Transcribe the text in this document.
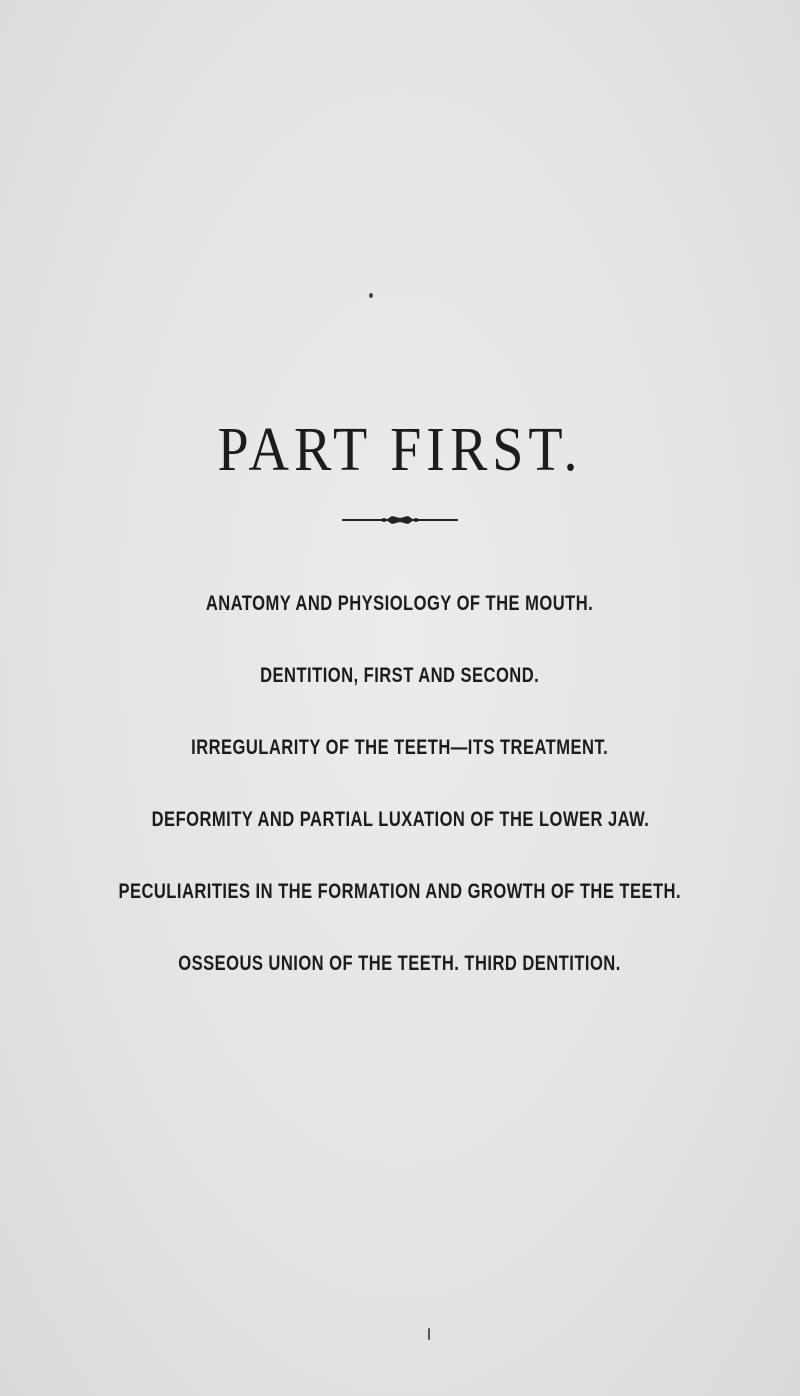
PART FIRST.
ANATOMY AND PHYSIOLOGY OF THE MOUTH.
DENTITION, FIRST AND SECOND.
IRREGULARITY OF THE TEETH—ITS TREATMENT.
DEFORMITY AND PARTIAL LUXATION OF THE LOWER JAW.
PECULIARITIES IN THE FORMATION AND GROWTH OF THE TEETH.
OSSEOUS UNION OF THE TEETH. THIRD DENTITION.
